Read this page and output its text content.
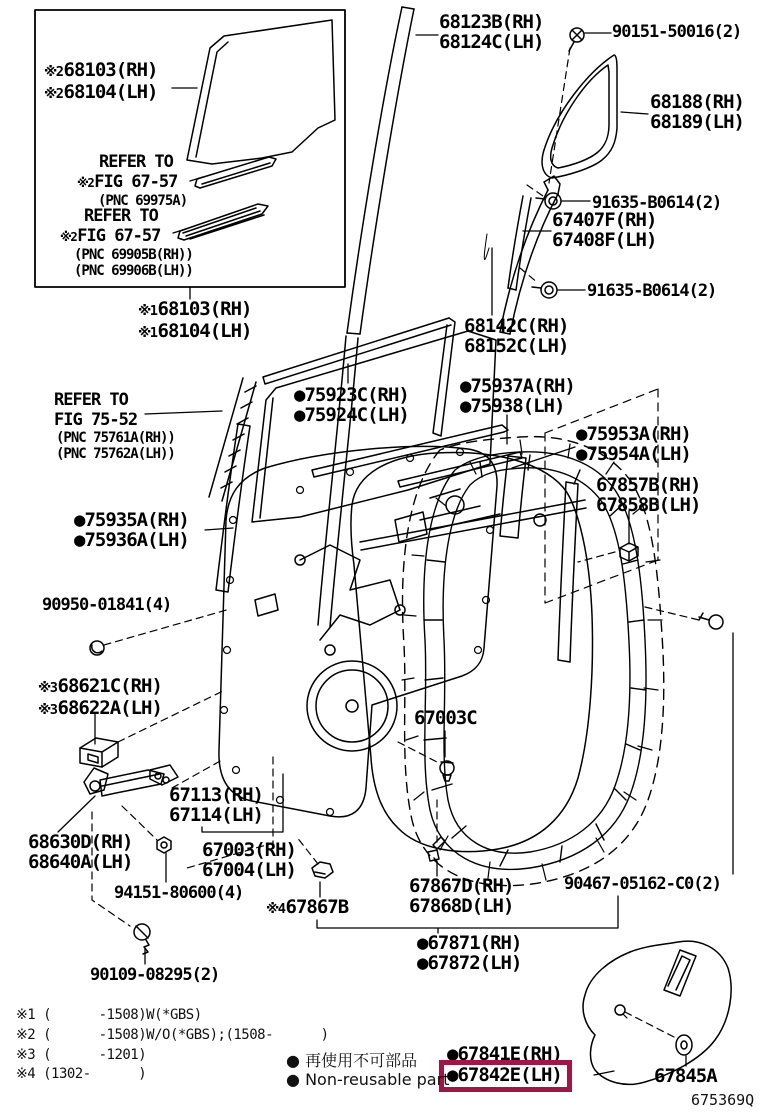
※268103(RH)
※268104(LH)
REFER TO
※2FIG 67-57
(PNC 69975A)
REFER TO
※2FIG 67-57
(PNC 69905B(RH))
(PNC 69906B(LH))
※168103(RH)
※168104(LH)
REFER TO
FIG 75-52
(PNC 75761A(RH))
(PNC 75762A(LH))
●75923C(RH)
●75924C(LH)
●75937A(RH)
●75938(LH)
●75953A(RH)
●75954A(LH)
67857B(RH)
67858B(LH)
68142C(RH)
68152C(LH)
68123B(RH)
68124C(LH)	90151-50016(2)
68188(RH)
68189(LH)
91635-B0614(2)
67407F(RH)
67408F(LH)
91635-B0614(2)
●75935A(RH)
●75936A(LH)
90950-01841(4)
※368621C(RH)
※368622A(LH)	67003C
67113(RH)
67114(LH)
68630D(RH)
68640A(LH)
67003(RH)
67004(LH)
94151-80600(4)
※467867B
67867D(RH)
67868D(LH)
90467-05162-C0(2)
●67871(RH)
●67872(LH)
90109-08295(2)
●67841E(RH)
●67842E(LH)	67845A
※1 (      -1508)W(*GBS)
※2 (      -1508)W/O(*GBS);(1508-      )
※3 (      -1201)
※4 (1302-      )
● 再使用不可部品
● Non-reusable part
675369Q
